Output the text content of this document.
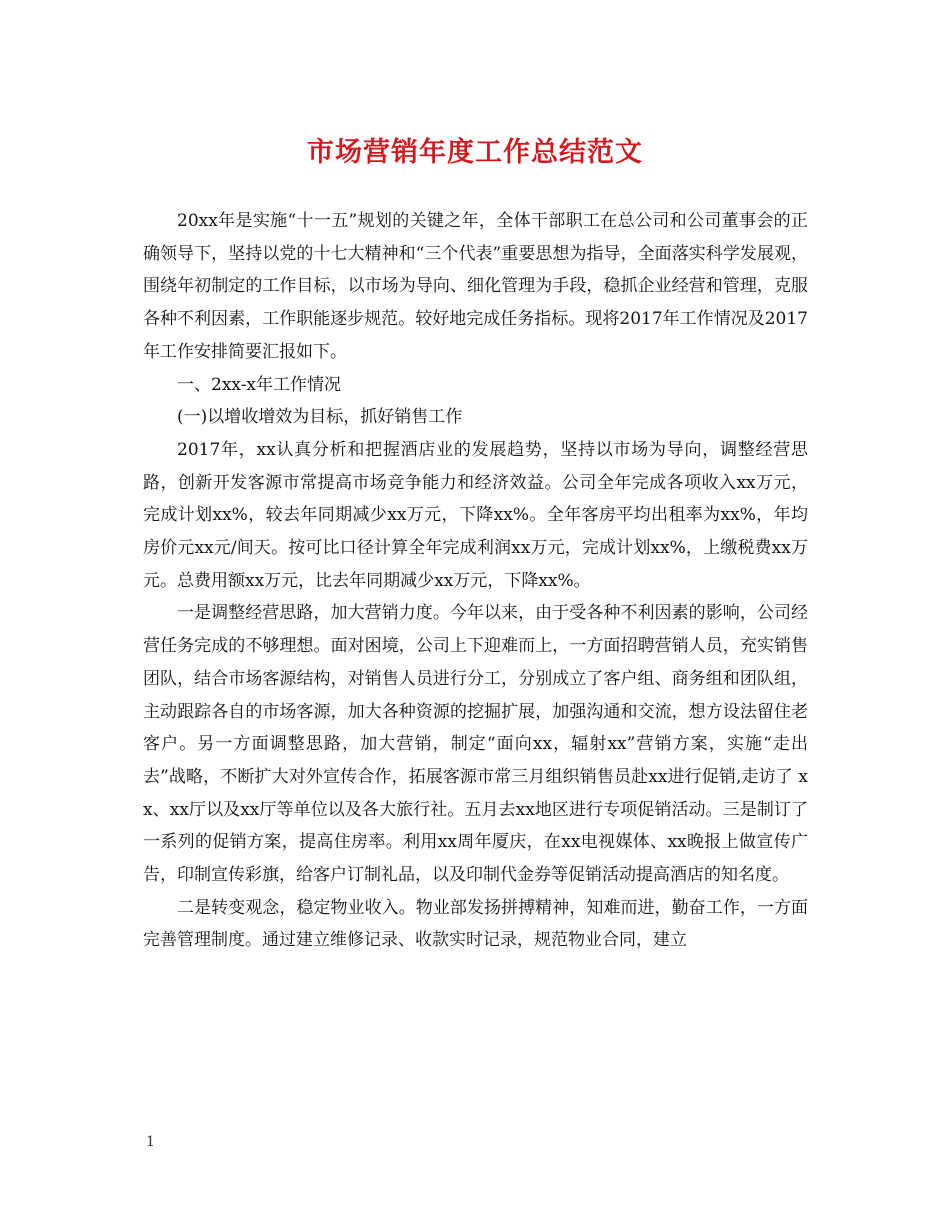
市场营销年度工作总结范文

20xx年是实施“十一五”规划的关键之年，全体干部职工在总公司和公司董事会的正确领导下，坚持以党的十七大精神和“三个代表”重要思想为指导，全面落实科学发展观，围绕年初制定的工作目标，以市场为导向、细化管理为手段，稳抓企业经营和管理，克服各种不利因素，工作职能逐步规范。较好地完成任务指标。现将2017年工作情况及2017年工作安排简要汇报如下。

一、2xx-x年工作情况

(一)以增收增效为目标，抓好销售工作

2017年，xx认真分析和把握酒店业的发展趋势，坚持以市场为导向，调整经营思路，创新开发客源市常提高市场竞争能力和经济效益。公司全年完成各项收入xx万元，完成计划xx%，较去年同期减少xx万元，下降xx%。全年客房平均出租率为xx%，年均房价元xx元/间天。按可比口径计算全年完成利润xx万元，完成计划xx%，上缴税费xx万元。总费用额xx万元，比去年同期减少xx万元，下降xx%。

一是调整经营思路，加大营销力度。今年以来，由于受各种不利因素的影响，公司经营任务完成的不够理想。面对困境，公司上下迎难而上，一方面招聘营销人员，充实销售团队，结合市场客源结构，对销售人员进行分工，分别成立了客户组、商务组和团队组，主动跟踪各自的市场客源，加大各种资源的挖掘扩展，加强沟通和交流，想方设法留住老客户。另一方面调整思路，加大营销，制定“面向xx，辐射xx”营销方案，实施“走出去”战略，不断扩大对外宣传合作，拓展客源市常三月组织销售员赴xx进行促销,走访了 xx、xx厅以及xx厅等单位以及各大旅行社。五月去xx地区进行专项促销活动。三是制订了一系列的促销方案，提高住房率。利用xx周年厦庆，在xx电视媒体、xx晚报上做宣传广告，印制宣传彩旗，给客户订制礼品，以及印制代金券等促销活动提高酒店的知名度。

二是转变观念，稳定物业收入。物业部发扬拼搏精神，知难而进，勤奋工作，一方面完善管理制度。通过建立维修记录、收款实时记录，规范物业合同，建立

1
